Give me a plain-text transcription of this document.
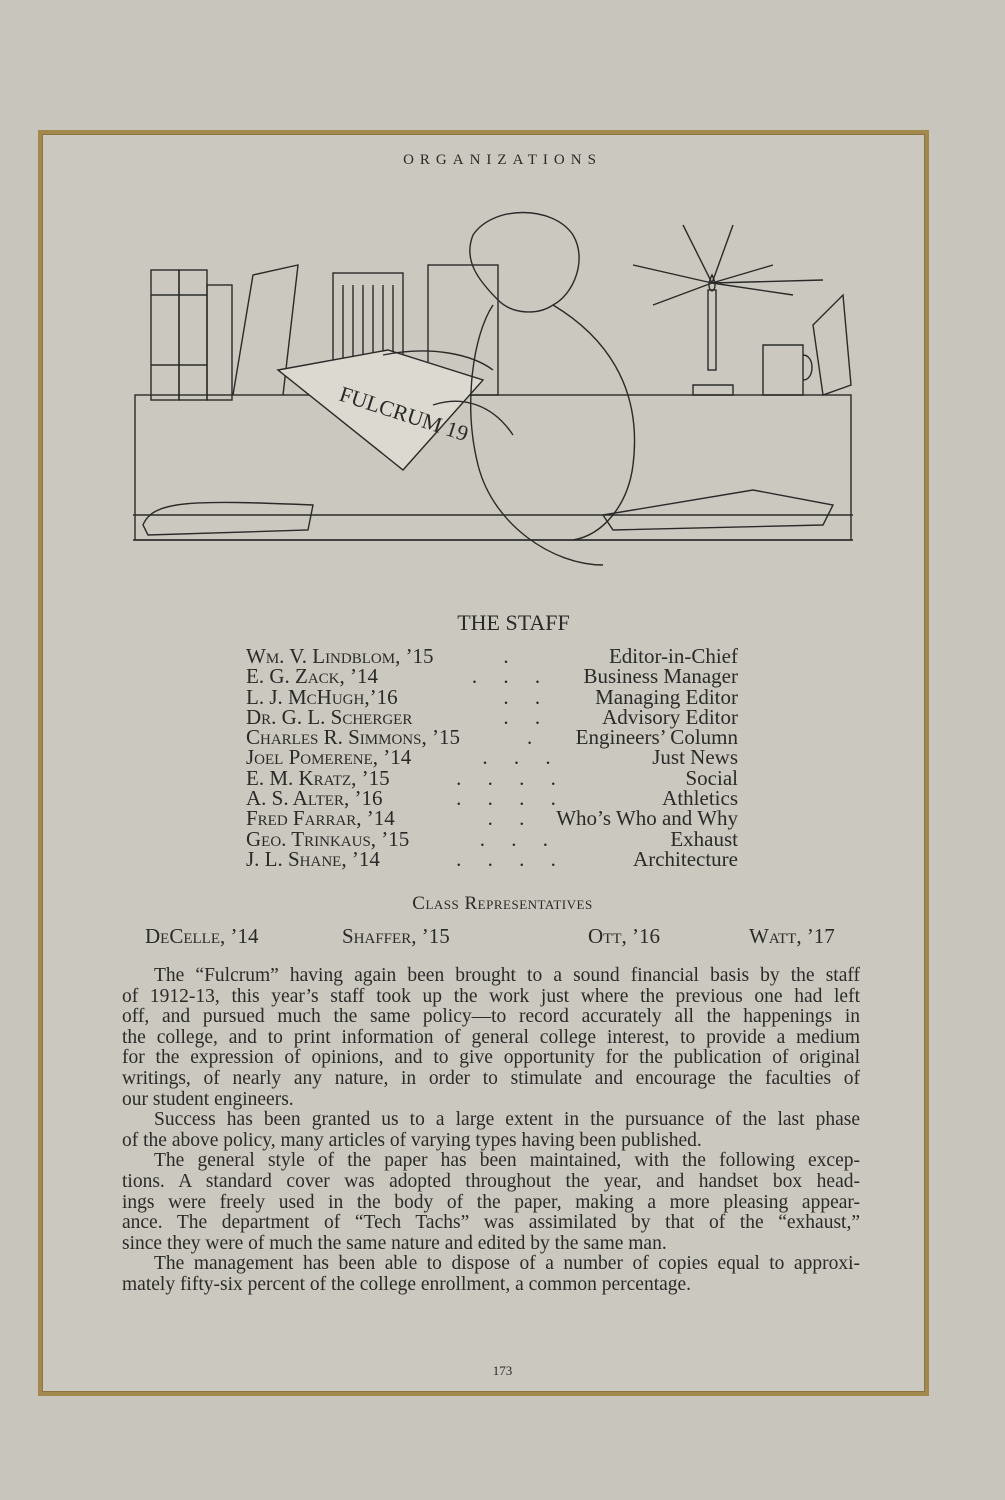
ORGANIZATIONS
FULCRUM 19
THE STAFF
Wm. V. Lindblom, ’15	.	Editor-in-Chief
E. G. Zack, ’14	.     .     .	Business Manager
L. J. McHugh,’16	.     .	Managing Editor
Dr. G. L. Scherger	.     .	Advisory Editor
Charles R. Simmons, ’15 .	Engineers’ Column
Joel Pomerene, ’14	.     .     .	Just News
E. M. Kratz, ’15	.     .     .     .	Social
A. S. Alter, ’16	.     .     .     .	Athletics
Fred Farrar, ’14	.     .	Who’s Who and Why
Geo. Trinkaus, ’15	.     .     .	Exhaust
J. L. Shane, ’14	.     .     .     .	Architecture
Class Representatives
DeCelle, ’14	Shaffer, ’15	Ott, ’16	Watt, ’17
The “Fulcrum” having again been brought to a sound financial basis by the staff
of 1912-13, this year’s staff took up the work just where the previous one had left
off, and pursued much the same policy—to record accurately all the happenings in
the college, and to print information of general college interest, to provide a medium
for the expression of opinions, and to give opportunity for the publication of original
writings, of nearly any nature, in order to stimulate and encourage the faculties of
our student engineers.
Success has been granted us to a large extent in the pursuance of the last phase
of the above policy, many articles of varying types having been published.
The general style of the paper has been maintained, with the following excep-
tions. A standard cover was adopted throughout the year, and handset box head-
ings were freely used in the body of the paper, making a more pleasing appear-
ance. The department of “Tech Tachs” was assimilated by that of the “exhaust,”
since they were of much the same nature and edited by the same man.
The management has been able to dispose of a number of copies equal to approxi-
mately fifty-six percent of the college enrollment, a common percentage.
173
